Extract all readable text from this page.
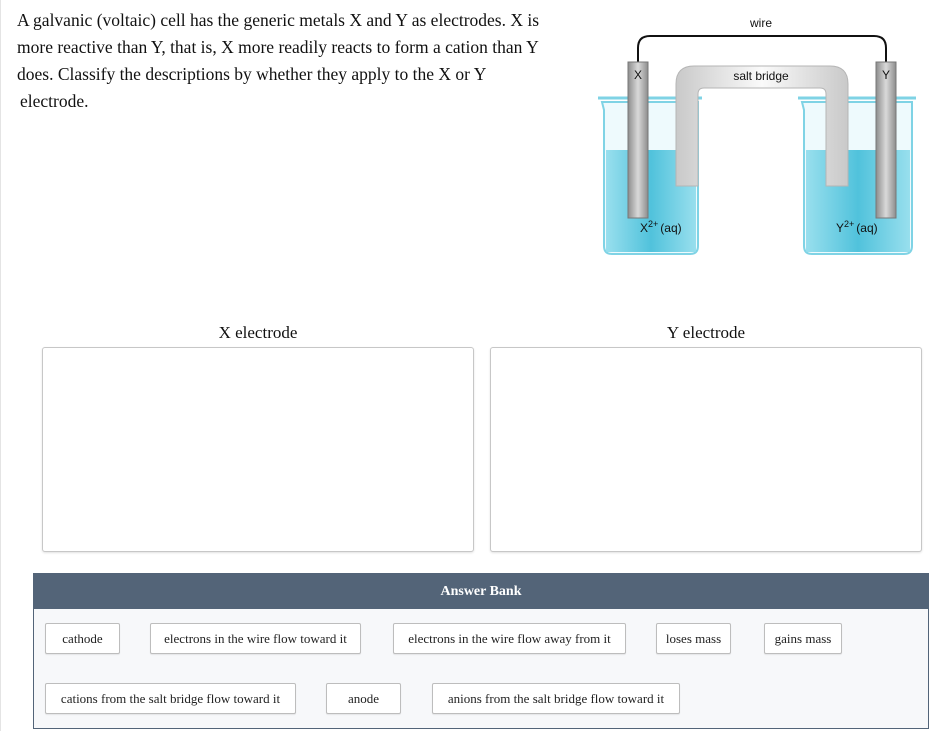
A galvanic (voltaic) cell has the generic metals X and Y as electrodes. X is
more reactive than Y, that is, X more readily reacts to form a cation than Y
does. Classify the descriptions by whether they apply to the X or Y
electrode.

wire
salt bridge
X	Y
$X^{2+}$ (aq)	$Y^{2+}$ (aq)
X electrode	Y electrode
Answer Bank
cathode	electrons in the wire flow toward it	electrons in the wire flow away from it	loses mass	gains mass
cations from the salt bridge flow toward it	anode	anions from the salt bridge flow toward it
